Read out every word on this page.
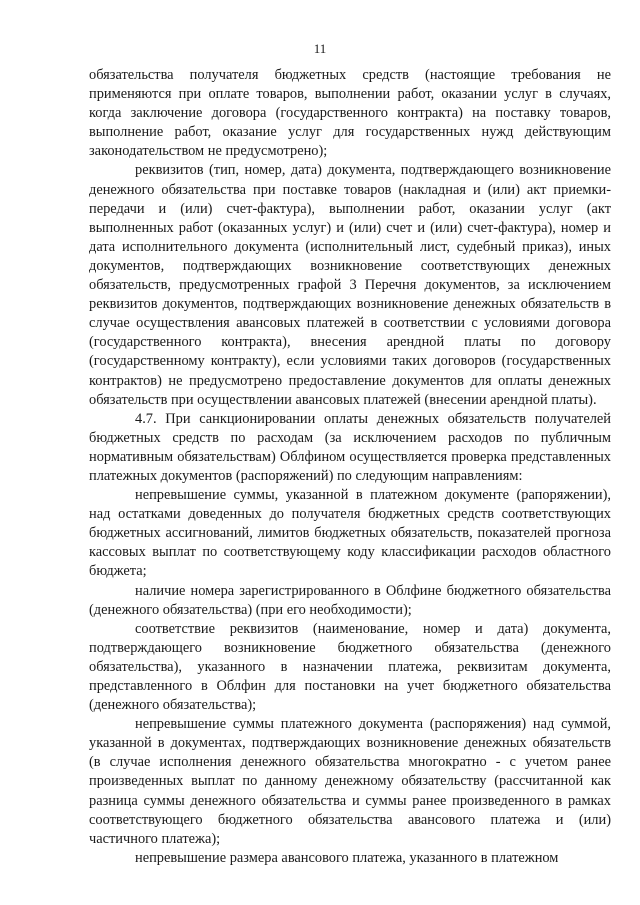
11

обязательства получателя бюджетных средств (настоящие требования не применяются при оплате товаров, выполнении работ, оказании услуг в случаях, когда заключение договора (государственного контракта) на поставку товаров, выполнение работ, оказание услуг для государственных нужд действующим законодательством не предусмотрено);

реквизитов (тип, номер, дата) документа, подтверждающего возникновение денежного обязательства при поставке товаров (накладная и (или) акт приемки-передачи и (или) счет-фактура), выполнении работ, оказании услуг (акт выполненных работ (оказанных услуг) и (или) счет и (или) счет-фактура), номер и дата исполнительного документа (исполнительный лист, судебный приказ), иных документов, подтверждающих возникновение соответствующих денежных обязательств, предусмотренных графой 3 Перечня документов, за исключением реквизитов документов, подтверждающих возникновение денежных обязательств в случае осуществления авансовых платежей в соответствии с условиями договора (государственного контракта), внесения арендной платы по договору (государственному контракту), если условиями таких договоров (государственных контрактов) не предусмотрено предоставление документов для оплаты денежных обязательств при осуществлении авансовых платежей (внесении арендной платы).

4.7. При санкционировании оплаты денежных обязательств получателей бюджетных средств по расходам (за исключением расходов по публичным нормативным обязательствам) Облфином осуществляется проверка представленных платежных документов (распоряжений) по следующим направлениям:

непревышение суммы, указанной в платежном документе (рапоряжении), над остатками доведенных до получателя бюджетных средств соответствующих бюджетных ассигнований, лимитов бюджетных обязательств, показателей прогноза кассовых выплат по соответствующему коду классификации расходов областного бюджета;

наличие номера зарегистрированного в Облфине бюджетного обязательства (денежного обязательства) (при его необходимости);

соответствие реквизитов (наименование, номер и дата) документа, подтверждающего возникновение бюджетного обязательства (денежного обязательства), указанного в назначении платежа, реквизитам документа, представленного в Облфин для постановки на учет бюджетного обязательства (денежного обязательства);

непревышение суммы платежного документа (распоряжения) над суммой, указанной в документах, подтверждающих возникновение денежных обязательств (в случае исполнения денежного обязательства многократно - с учетом ранее произведенных выплат по данному денежному обязательству (рассчитанной как разница суммы денежного обязательства и суммы ранее произведенного в рамках соответствующего бюджетного обязательства авансового платежа и (или) частичного платежа);

непревышение размера авансового платежа, указанного в платежном
